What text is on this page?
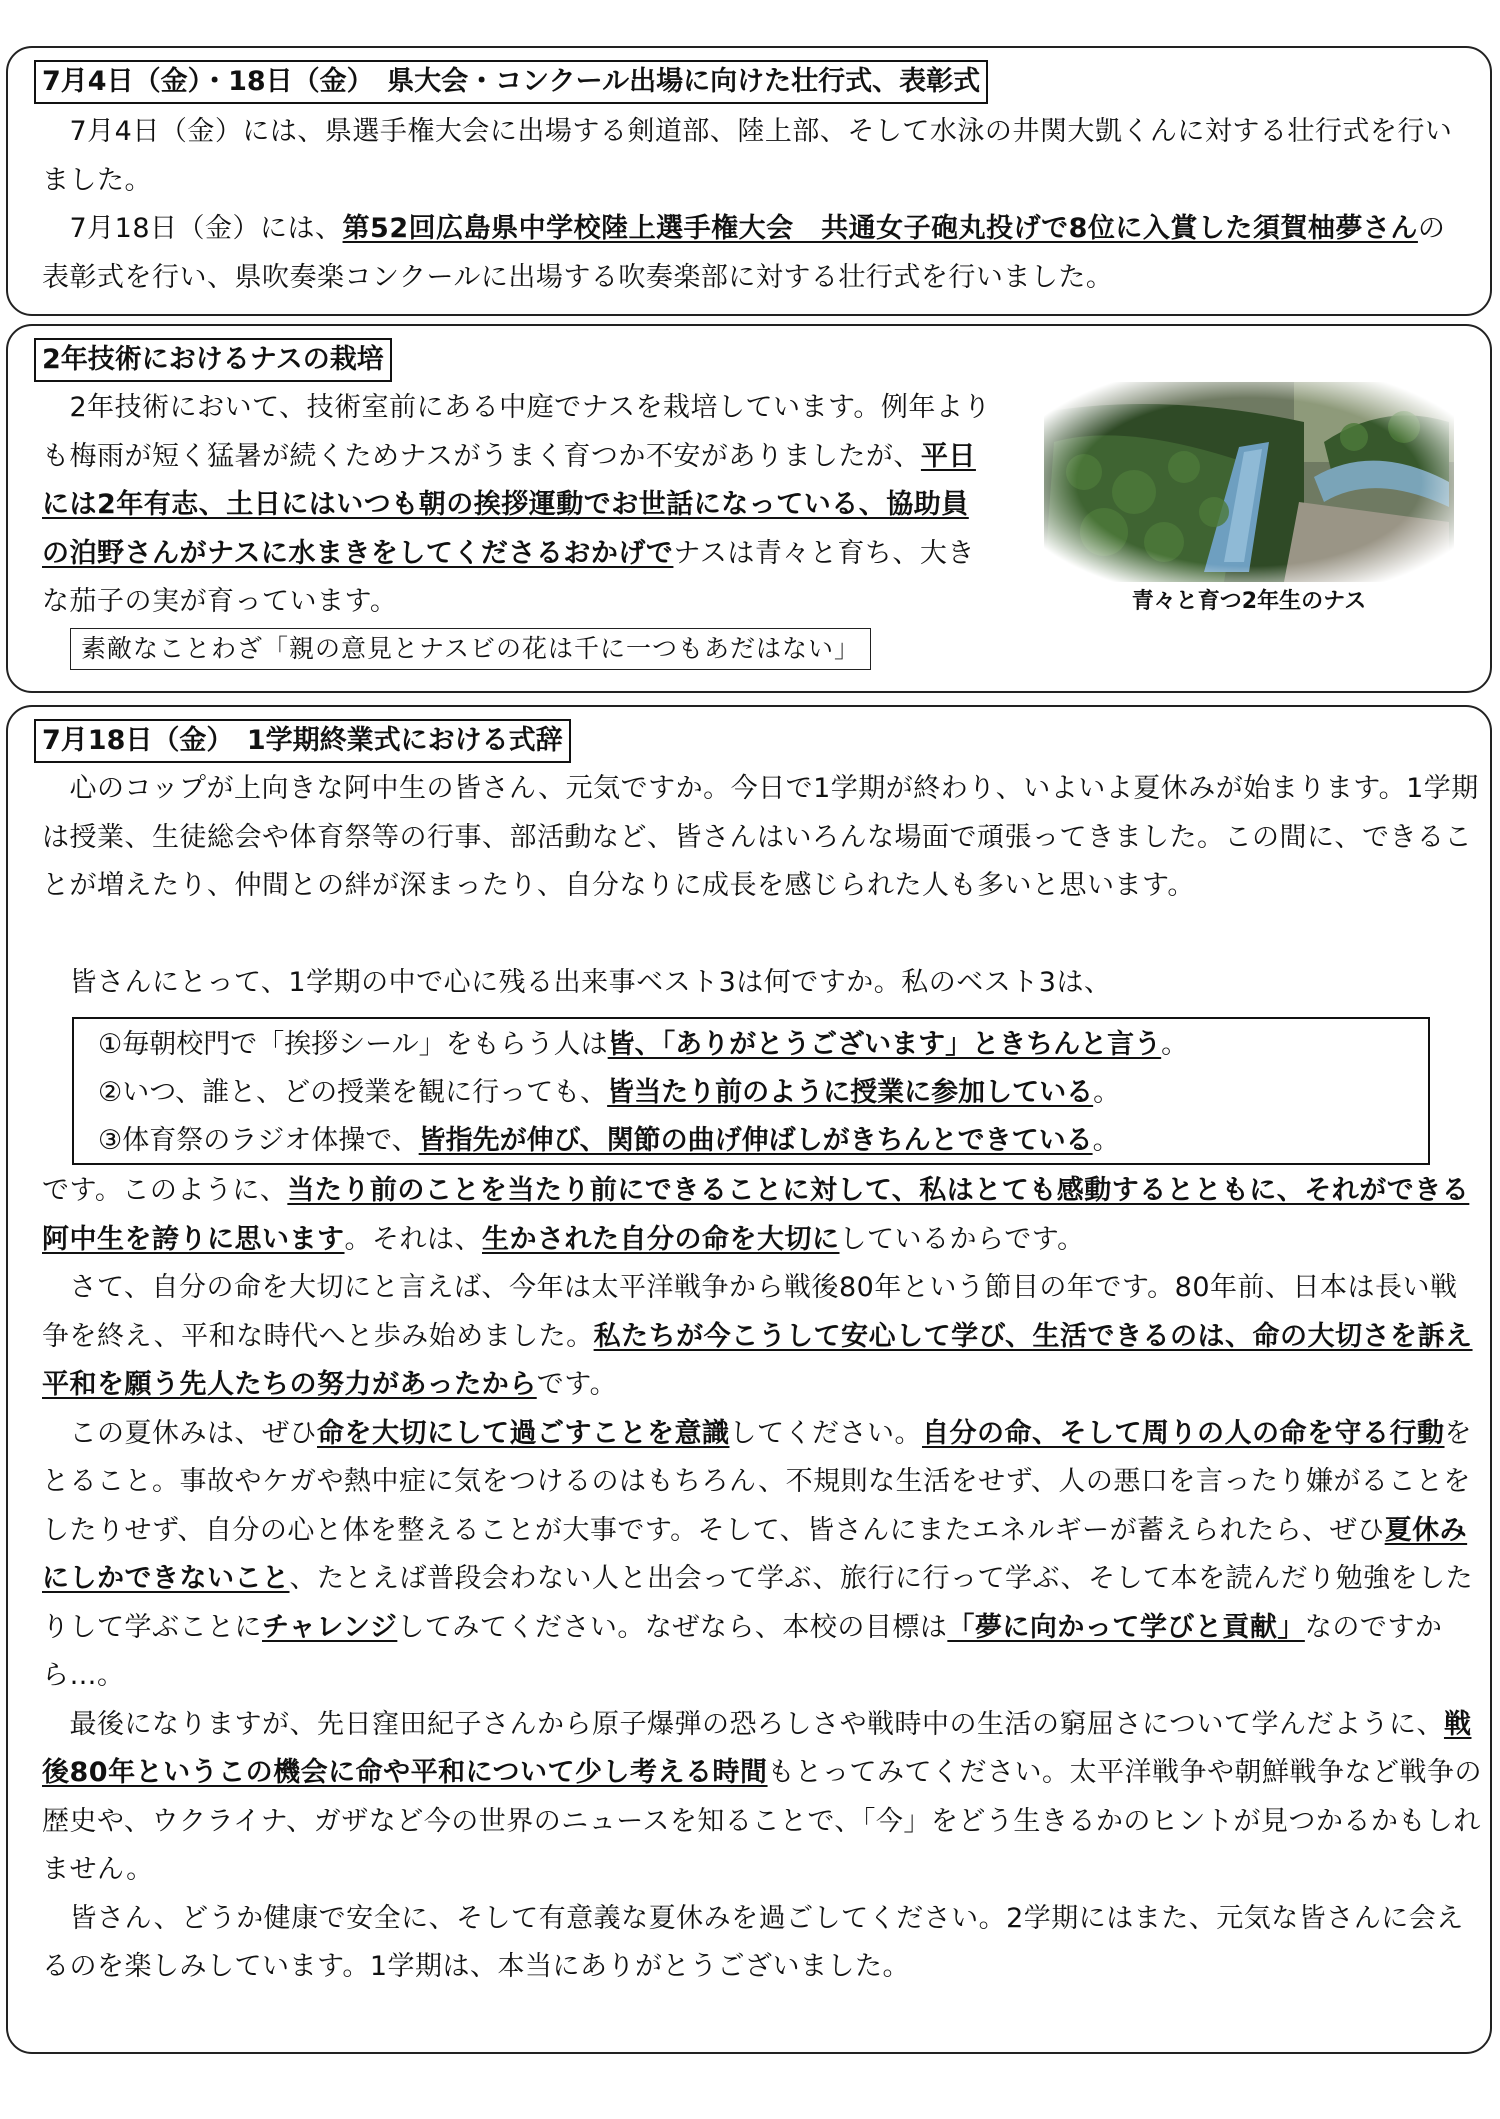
7月4日（金）・18日（金）　県大会・コンクール出場に向けた壮行式、表彰式
　7月4日（金）には、県選手権大会に出場する剣道部、陸上部、そして水泳の井関大凱くんに対する壮行式を行いました。
　7月18日（金）には、第52回広島県中学校陸上選手権大会　共通女子砲丸投げで8位に入賞した須賀柚夢さんの表彰式を行い、県吹奏楽コンクールに出場する吹奏楽部に対する壮行式を行いました。
2年技術におけるナスの栽培
　2年技術において、技術室前にある中庭でナスを栽培しています。例年よりも梅雨が短く猛暑が続くためナスがうまく育つか不安がありましたが、平日には2年有志、土日にはいつも朝の挨拶運動でお世話になっている、協助員の泊野さんがナスに水まきをしてくださるおかげでナスは青々と育ち、大きな茄子の実が育っています。
素敵なことわざ「親の意見とナスビの花は千に一つもあだはない」
青々と育つ2年生のナス
7月18日（金）　1学期終業式における式辞
　心のコップが上向きな阿中生の皆さん、元気ですか。今日で1学期が終わり、いよいよ夏休みが始まります。1学期は授業、生徒総会や体育祭等の行事、部活動など、皆さんはいろんな場面で頑張ってきました。この間に、できることが増えたり、仲間との絆が深まったり、自分なりに成長を感じられた人も多いと思います。
　皆さんにとって、1学期の中で心に残る出来事ベスト3は何ですか。私のベスト3は、

①毎朝校門で「挨拶シール」をもらう人は皆、「ありがとうございます」ときちんと言う。

②いつ、誰と、どの授業を観に行っても、皆当たり前のように授業に参加している。

③体育祭のラジオ体操で、皆指先が伸び、関節の曲げ伸ばしがきちんとできている。

です。このように、当たり前のことを当たり前にできることに対して、私はとても感動するとともに、それができる阿中生を誇りに思います。それは、生かされた自分の命を大切にしているからです。
　さて、自分の命を大切にと言えば、今年は太平洋戦争から戦後80年という節目の年です。80年前、日本は長い戦争を終え、平和な時代へと歩み始めました。私たちが今こうして安心して学び、生活できるのは、命の大切さを訴え平和を願う先人たちの努力があったからです。
　この夏休みは、ぜひ命を大切にして過ごすことを意識してください。自分の命、そして周りの人の命を守る行動をとること。事故やケガや熱中症に気をつけるのはもちろん、不規則な生活をせず、人の悪口を言ったり嫌がることをしたりせず、自分の心と体を整えることが大事です。そして、皆さんにまたエネルギーが蓄えられたら、ぜひ夏休みにしかできないこと、たとえば普段会わない人と出会って学ぶ、旅行に行って学ぶ、そして本を読んだり勉強をしたりして学ぶことにチャレンジしてみてください。なぜなら、本校の目標は「夢に向かって学びと貢献」なのですから…。
　最後になりますが、先日窪田紀子さんから原子爆弾の恐ろしさや戦時中の生活の窮屈さについて学んだように、戦後80年というこの機会に命や平和について少し考える時間もとってみてください。太平洋戦争や朝鮮戦争など戦争の歴史や、ウクライナ、ガザなど今の世界のニュースを知ることで、「今」をどう生きるかのヒントが見つかるかもしれません。
　皆さん、どうか健康で安全に、そして有意義な夏休みを過ごしてください。2学期にはまた、元気な皆さんに会えるのを楽しみしています。1学期は、本当にありがとうございました。
